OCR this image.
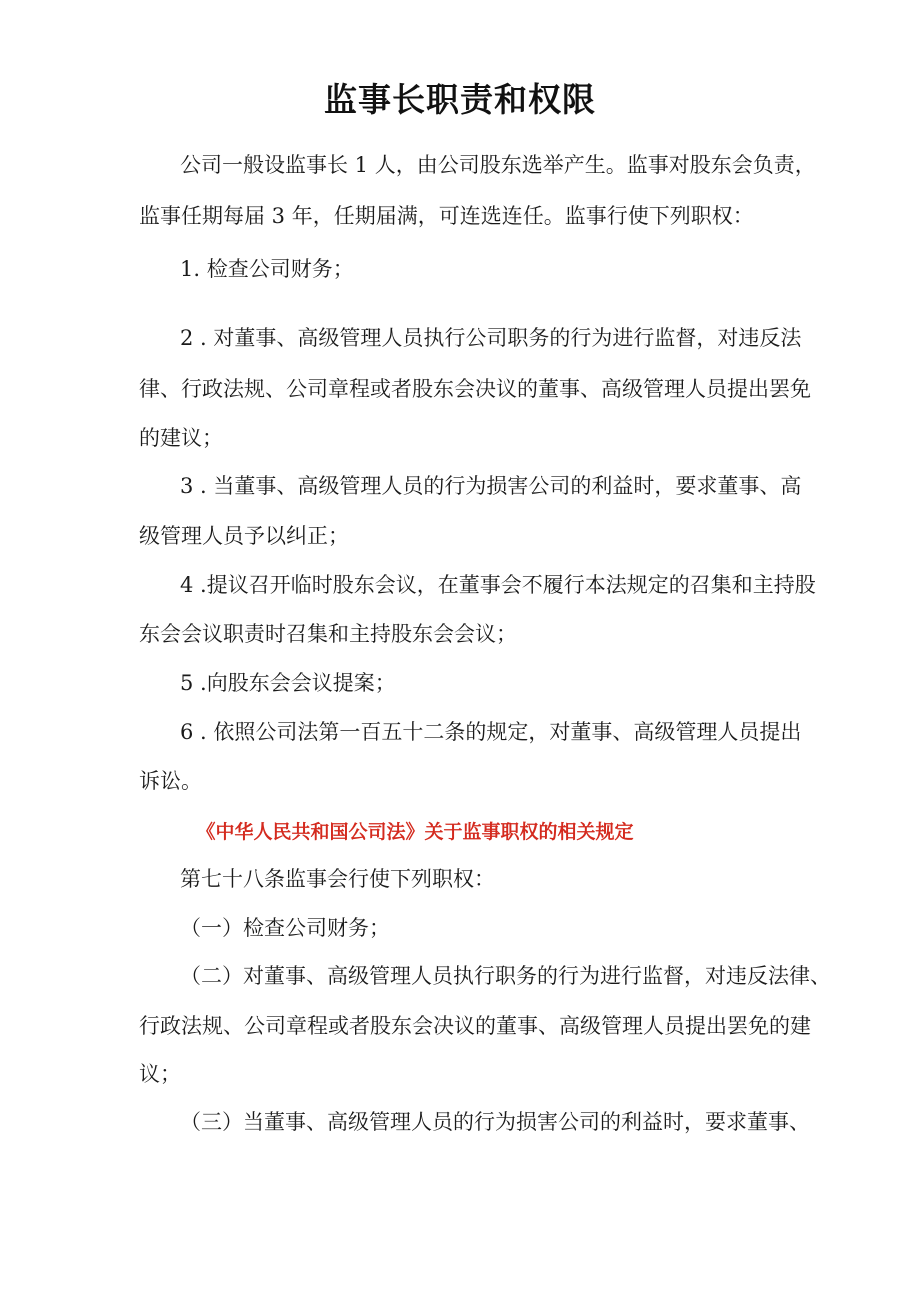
监事长职责和权限
公司一般设监事长 1 人，由公司股东选举产生。监事对股东会负责，
监事任期每届 3 年，任期届满，可连选连任。监事行使下列职权：
1. 检查公司财务；
2 . 对董事、高级管理人员执行公司职务的行为进行监督，对违反法
律、行政法规、公司章程或者股东会决议的董事、高级管理人员提出罢免
的建议；
3 . 当董事、高级管理人员的行为损害公司的利益时，要求董事、高
级管理人员予以纠正；
4 .提议召开临时股东会议，在董事会不履行本法规定的召集和主持股
东会会议职责时召集和主持股东会会议；
5 .向股东会会议提案；
6 . 依照公司法第一百五十二条的规定，对董事、高级管理人员提出
诉讼。
《中华人民共和国公司法》关于监事职权的相关规定
第七十八条监事会行使下列职权：
（一）检查公司财务；
（二）对董事、高级管理人员执行职务的行为进行监督，对违反法律、
行政法规、公司章程或者股东会决议的董事、高级管理人员提出罢免的建
议；
（三）当董事、高级管理人员的行为损害公司的利益时，要求董事、
